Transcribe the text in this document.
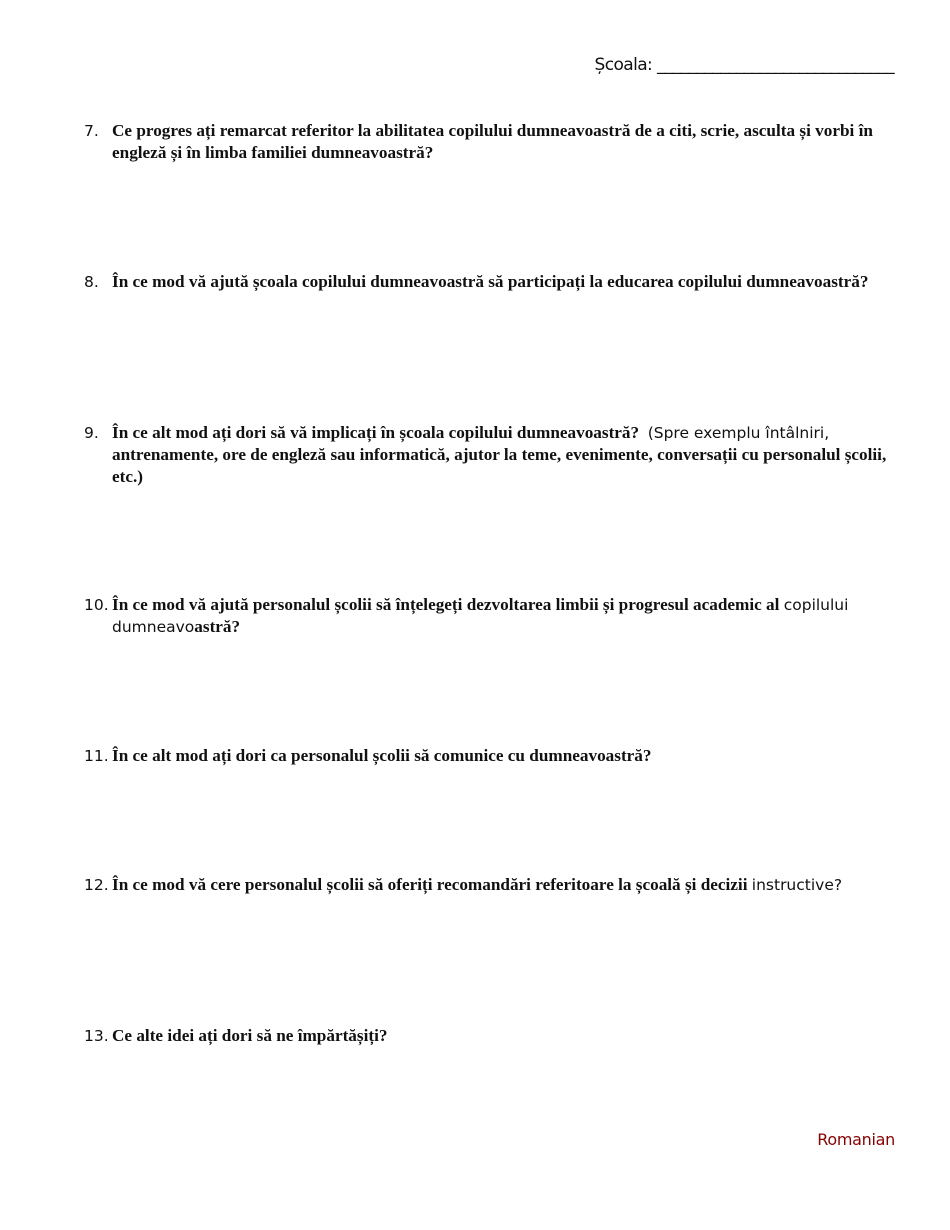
Școala: ______________________________
7. Ce progres ați remarcat referitor la abilitatea copilului dumneavoastră de a citi, scrie, asculta și vorbi în engleză și în limba familiei dumneavoastră?
8. În ce mod vă ajută școala copilului dumneavoastră să participați la educarea copilului dumneavoastră?
9. În ce alt mod ați dori să vă implicați în școala copilului dumneavoastră? (Spre exemplu întâlniri, antrenamente, ore de engleză sau informatică, ajutor la teme, evenimente, conversații cu personalul școlii, etc.)
10. În ce mod vă ajută personalul școlii să înțelegeți dezvoltarea limbii și progresul academic al copilului dumneavoastră?
11. În ce alt mod ați dori ca personalul școlii să comunice cu dumneavoastră?
12. În ce mod vă cere personalul școlii să oferiți recomandări referitoare la școală și decizii instructive?
13. Ce alte idei ați dori să ne împărtășiți?
Romanian
